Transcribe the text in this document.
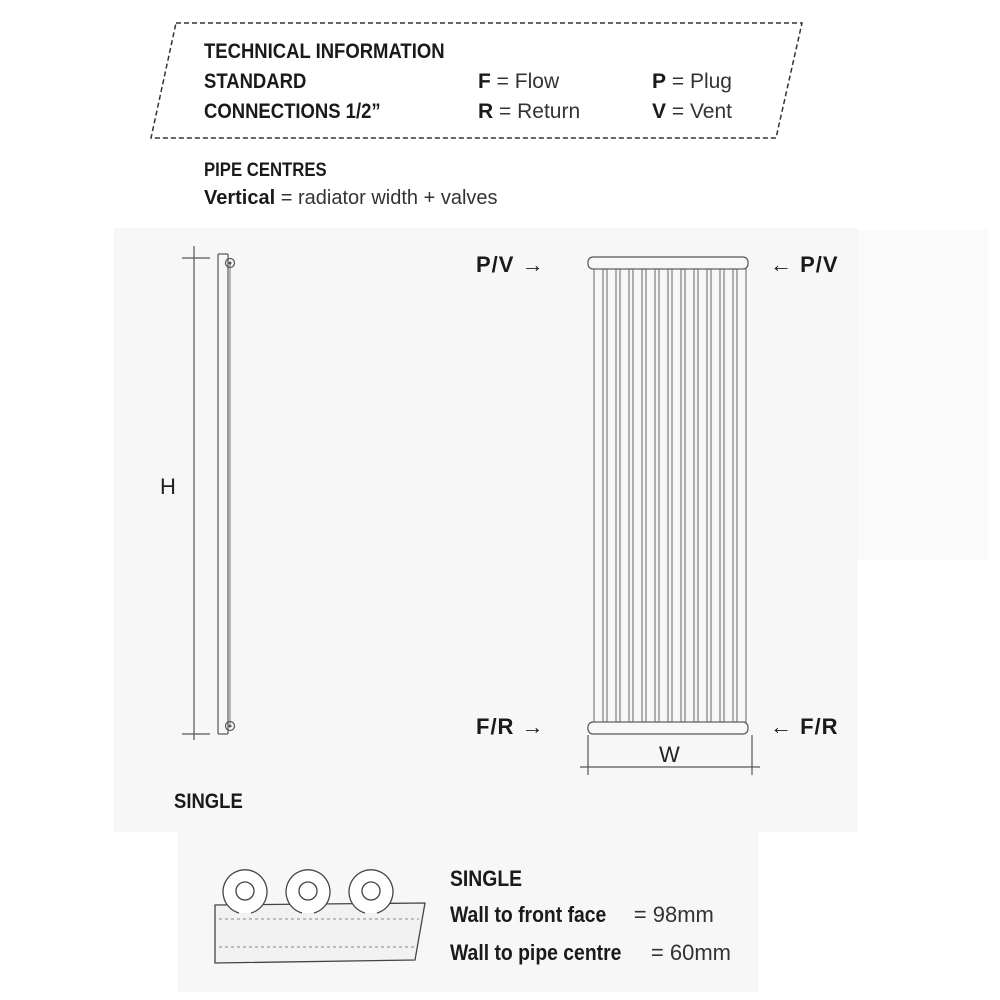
TECHNICAL INFORMATION
STANDARD
CONNECTIONS 1/2”
F = Flow
R = Return
P = Plug
V = Vent
PIPE CENTRES
Vertical = radiator width + valves
H
SINGLE
P/V →	← P/V
F/R →	← F/R
W
SINGLE
Wall to front face = 98mm
Wall to pipe centre = 60mm
